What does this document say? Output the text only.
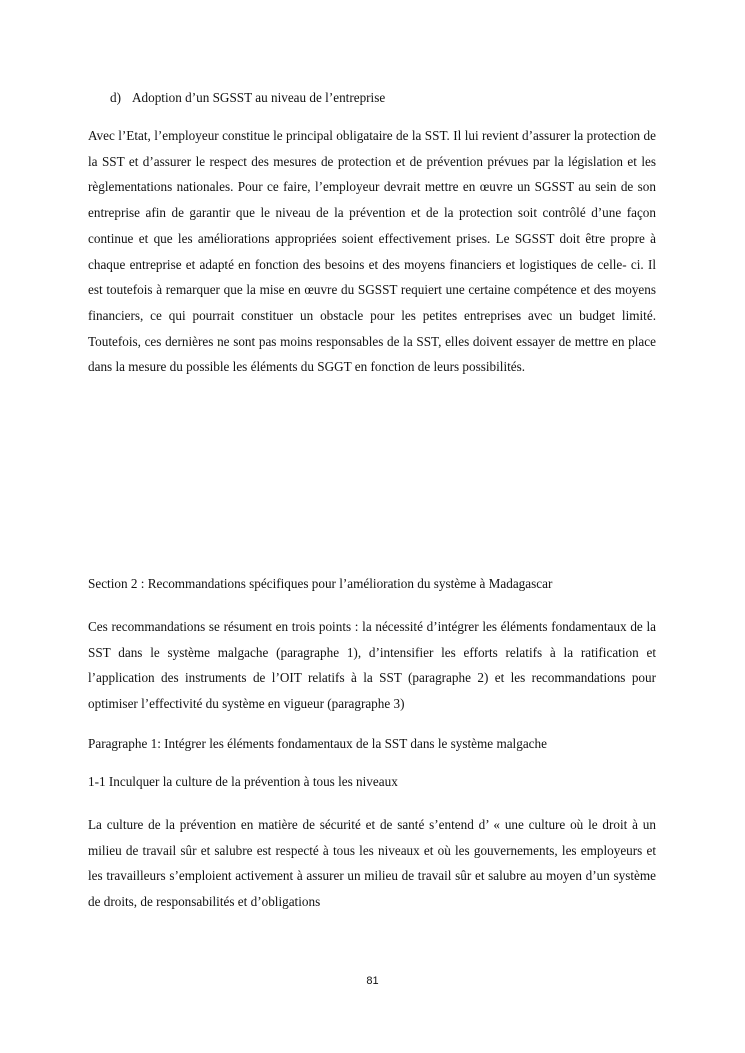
d) Adoption d’un SGSST au niveau de l’entreprise

Avec l’Etat, l’employeur constitue le principal obligataire de la SST. Il lui revient d’assurer la protection de la SST et d’assurer le respect des mesures de protection et de prévention prévues par la législation et les règlementations nationales. Pour ce faire, l’employeur devrait mettre en œuvre un SGSST au sein de son entreprise afin de garantir que le niveau de la prévention et de la protection soit contrôlé d’une façon continue et que les améliorations appropriées soient effectivement prises. Le SGSST doit être propre à chaque entreprise et adapté en fonction des besoins et des moyens financiers et logistiques de celle- ci. Il est toutefois à remarquer que la mise en œuvre du SGSST requiert une certaine compétence et des moyens financiers, ce qui pourrait constituer un obstacle pour les petites entreprises avec un budget limité. Toutefois, ces dernières ne sont pas moins responsables de la SST, elles doivent essayer de mettre en place dans la mesure du possible les éléments du SGGT en fonction de leurs possibilités.

Section 2 : Recommandations spécifiques pour l’amélioration du système à Madagascar

Ces recommandations se résument en trois points : la nécessité d’intégrer les éléments fondamentaux de la SST dans le système malgache (paragraphe 1), d’intensifier les efforts relatifs à la ratification et l’application des instruments de l’OIT relatifs à la SST (paragraphe 2) et les recommandations pour optimiser l’effectivité du système en vigueur (paragraphe 3)

Paragraphe 1: Intégrer les éléments fondamentaux de la SST dans le système malgache
1-1 Inculquer la culture de la prévention à tous les niveaux

La culture de la prévention en matière de sécurité et de santé s’entend d’ « une culture où le droit à un milieu de travail sûr et salubre est respecté à tous les niveaux et où les gouvernements, les employeurs et les travailleurs s’emploient activement à assurer un milieu de travail sûr et salubre au moyen d’un système de droits, de responsabilités et d’obligations

81
